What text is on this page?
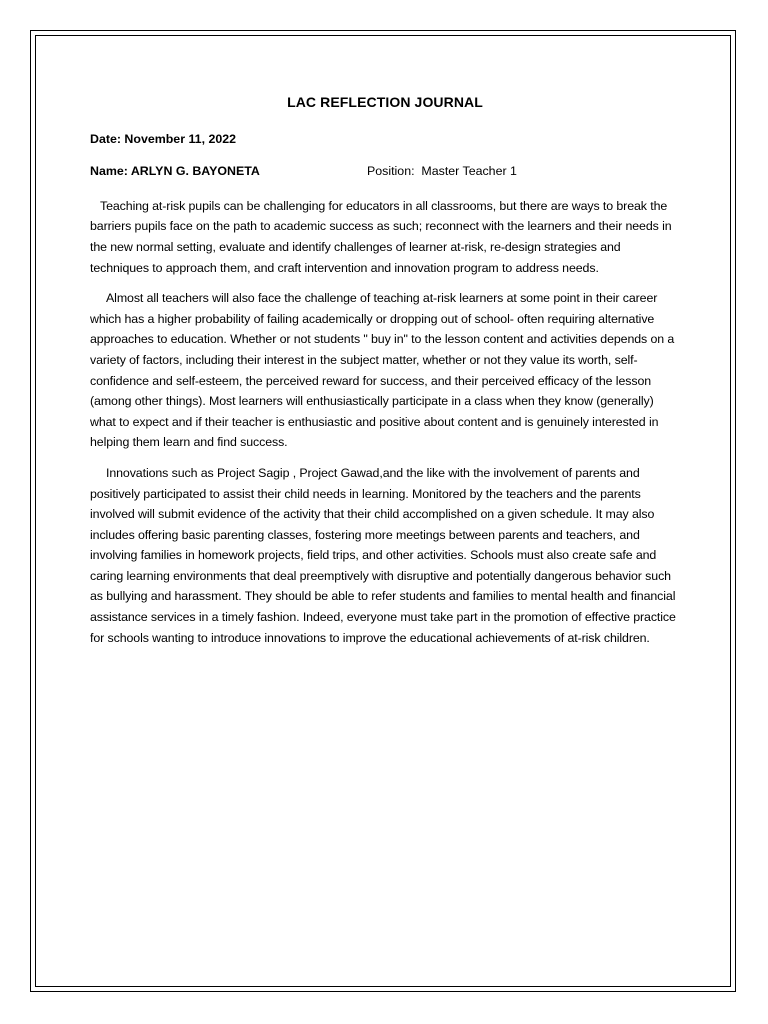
LAC REFLECTION JOURNAL
Date: November 11, 2022
Name: ARLYN G. BAYONETA	Position:  Master Teacher 1

Teaching at-risk pupils can be challenging for educators in all classrooms, but there are ways to break the barriers pupils face on the path to academic success as such; reconnect with the learners and their needs in the new normal setting, evaluate and identify challenges of learner at-risk, re-design strategies and techniques to approach them, and craft intervention and innovation program to address needs.

Almost all teachers will also face the challenge of teaching at-risk learners at some point in their career which has a higher probability of failing academically or dropping out of school- often requiring alternative approaches to education. Whether or not students " buy in" to the lesson content and activities depends on a variety of factors, including their interest in the subject matter, whether or not they value its worth, self-confidence and self-esteem, the perceived reward for success, and their perceived efficacy of the lesson (among other things). Most learners will enthusiastically participate in a class when they know (generally) what to expect and if their teacher is enthusiastic and positive about content and is genuinely interested in helping them learn and find success.

Innovations such as Project Sagip , Project Gawad,and the like with the involvement of parents and positively participated to assist their child needs in learning. Monitored by the teachers and the parents involved will submit evidence of the activity that their child accomplished on a given schedule. It may also includes offering basic parenting classes, fostering more meetings between parents and teachers, and involving families in homework projects, field trips, and other activities. Schools must also create safe and caring learning environments that deal preemptively with disruptive and potentially dangerous behavior such as bullying and harassment. They should be able to refer students and families to mental health and financial assistance services in a timely fashion. Indeed, everyone must take part in the promotion of effective practice for schools wanting to introduce innovations to improve the educational achievements of at-risk children.
